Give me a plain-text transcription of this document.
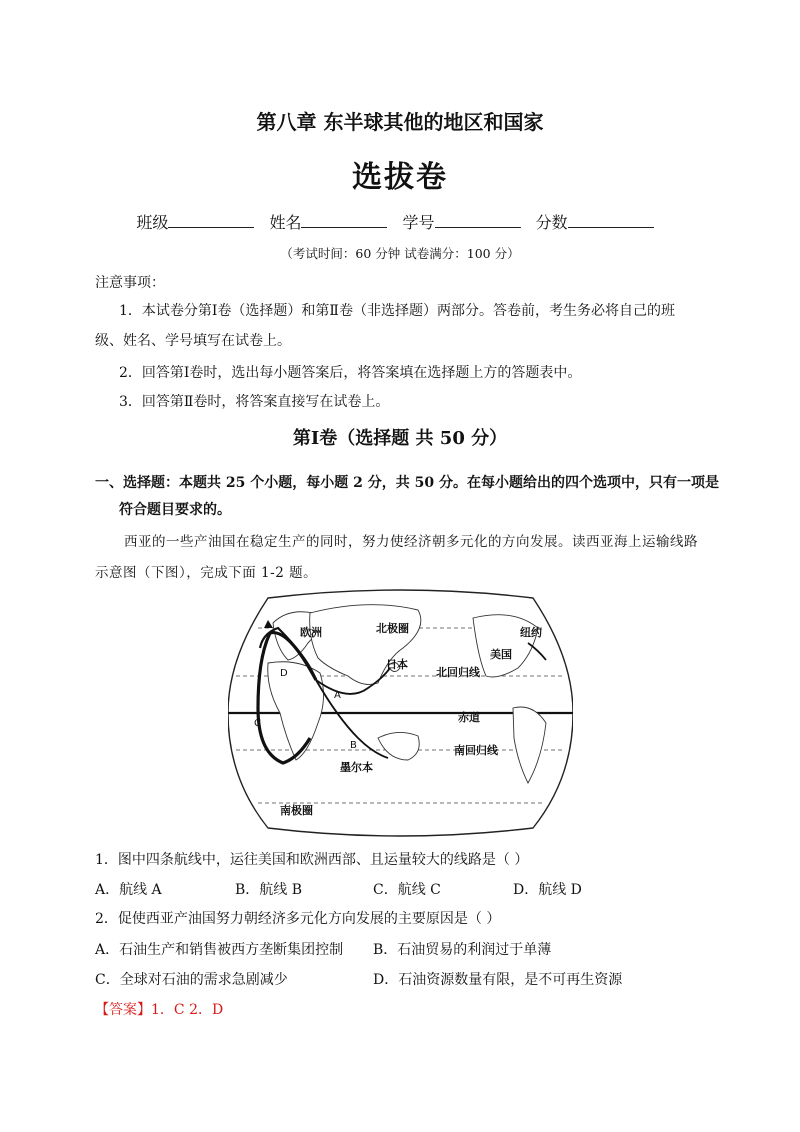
第八章 东半球其他的地区和国家
选拔卷
班级	姓名	学号	分数
（考试时间：60 分钟 试卷满分：100 分）
注意事项：
1．本试卷分第Ⅰ卷（选择题）和第Ⅱ卷（非选择题）两部分。答卷前，考生务必将自己的班
级、姓名、学号填写在试卷上。
2．回答第Ⅰ卷时，选出每小题答案后，将答案填在选择题上方的答题表中。
3．回答第Ⅱ卷时，将答案直接写在试卷上。
第Ⅰ卷（选择题 共 50 分）
一、选择题：本题共 25 个小题，每小题 2 分，共 50 分。在每小题给出的四个选项中，只有一项是
符合题目要求的。
西亚的一些产油国在稳定生产的同时，努力使经济朝多元化的方向发展。读西亚海上运输线路
示意图（下图），完成下面 1-2 题。
欧洲	北极圈
日本
纽约
美国
北回归线
赤道
南回归线
墨尔本
南极圈
A
B
C
D
1．图中四条航线中，运往美国和欧洲西部、且运量较大的线路是（ ）
A．航线 A	B．航线 B	C．航线 C	D．航线 D
2．促使西亚产油国努力朝经济多元化方向发展的主要原因是（ ）
A．石油生产和销售被西方垄断集团控制 B．石油贸易的利润过于单薄
C．全球对石油的需求急剧减少	D．石油资源数量有限，是不可再生资源
【答案】1．C 2．D
